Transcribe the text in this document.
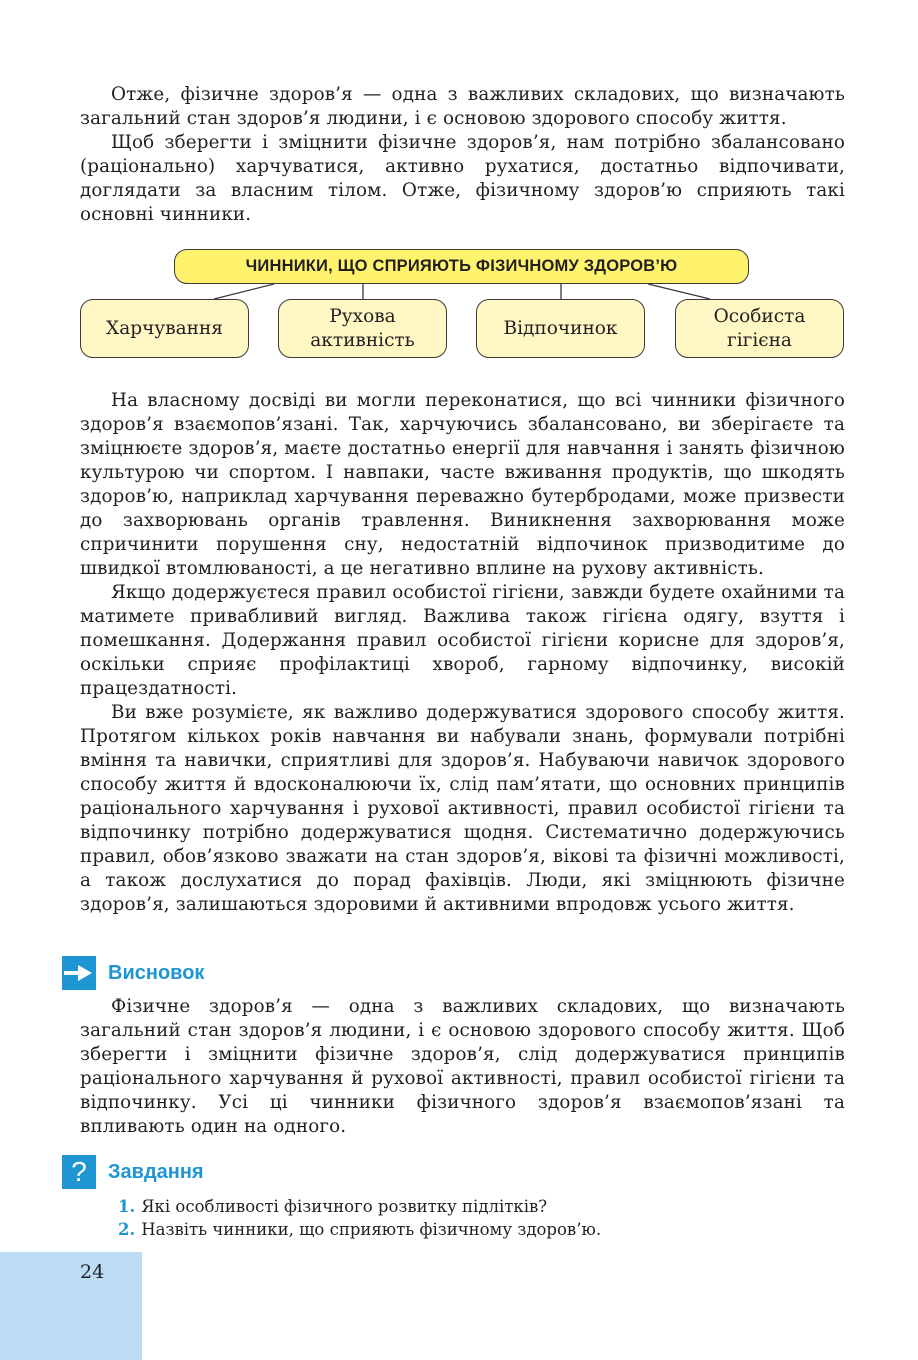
Отже, фізичне здоров’я — одна з важливих складових, що визначають загальний стан здоров’я людини, і є основою здорового способу життя.

Щоб зберегти і зміцнити фізичне здоров’я, нам потрібно збалансовано (раціонально) харчуватися, активно рухатися, достатньо відпочивати, доглядати за власним тілом. Отже, фізичному здоров’ю сприяють такі основні чинники.

ЧИННИКИ, ЩО СПРИЯЮТЬ ФІЗИЧНОМУ ЗДОРОВ’Ю
Харчування
Рухова
активність
Відпочинок
Особиста
гігієна

На власному досвіді ви могли переконатися, що всі чинники фізичного здоров’я взаємопов’язані. Так, харчуючись збалансовано, ви зберігаєте та зміцнюєте здоров’я, маєте достатньо енергії для навчання і занять фізичною культурою чи спортом. І навпаки, часте вживання продуктів, що шкодять здоров’ю, наприклад харчування переважно бутербродами, може призвести до захворювань органів травлення. Виникнення захворювання може спричинити порушення сну, недостатній відпочинок призводитиме до швидкої втомлюваності, а це негативно вплине на рухову активність.

Якщо додержуєтеся правил особистої гігієни, завжди будете охайними та матимете привабливий вигляд. Важлива також гігієна одягу, взуття і помешкання. Додержання правил особистої гігієни корисне для здоров’я, оскільки сприяє профілактиці хвороб, гарному відпочинку, високій працездатності.

Ви вже розумієте, як важливо додержуватися здорового способу життя. Протягом кількох років навчання ви набували знань, формували потрібні вміння та навички, сприятливі для здоров’я. Набуваючи навичок здорового способу життя й вдосконалюючи їх, слід пам’ятати, що основних принципів раціонального харчування і рухової активності, правил особистої гігієни та відпочинку потрібно додержуватися щодня. Систематично додержуючись правил, обов’язково зважати на стан здоров’я, вікові та фізичні можливості, а також дослухатися до порад фахівців. Люди, які зміцнюють фізичне здоров’я, залишаються здоровими й активними впродовж усього життя.

Висновок

Фізичне здоров’я — одна з важливих складових, що визначають загальний стан здоров’я людини, і є основою здорового способу життя. Щоб зберегти і зміцнити фізичне здоров’я, слід додержуватися принципів раціонального харчування й рухової активності, правил особистої гігієни та відпочинку. Усі ці чинники фізичного здоров’я взаємопов’язані та впливають один на одного.

? Завдання
1. Які особливості фізичного розвитку підлітків?
2. Назвіть чинники, що сприяють фізичному здоров’ю.
24
